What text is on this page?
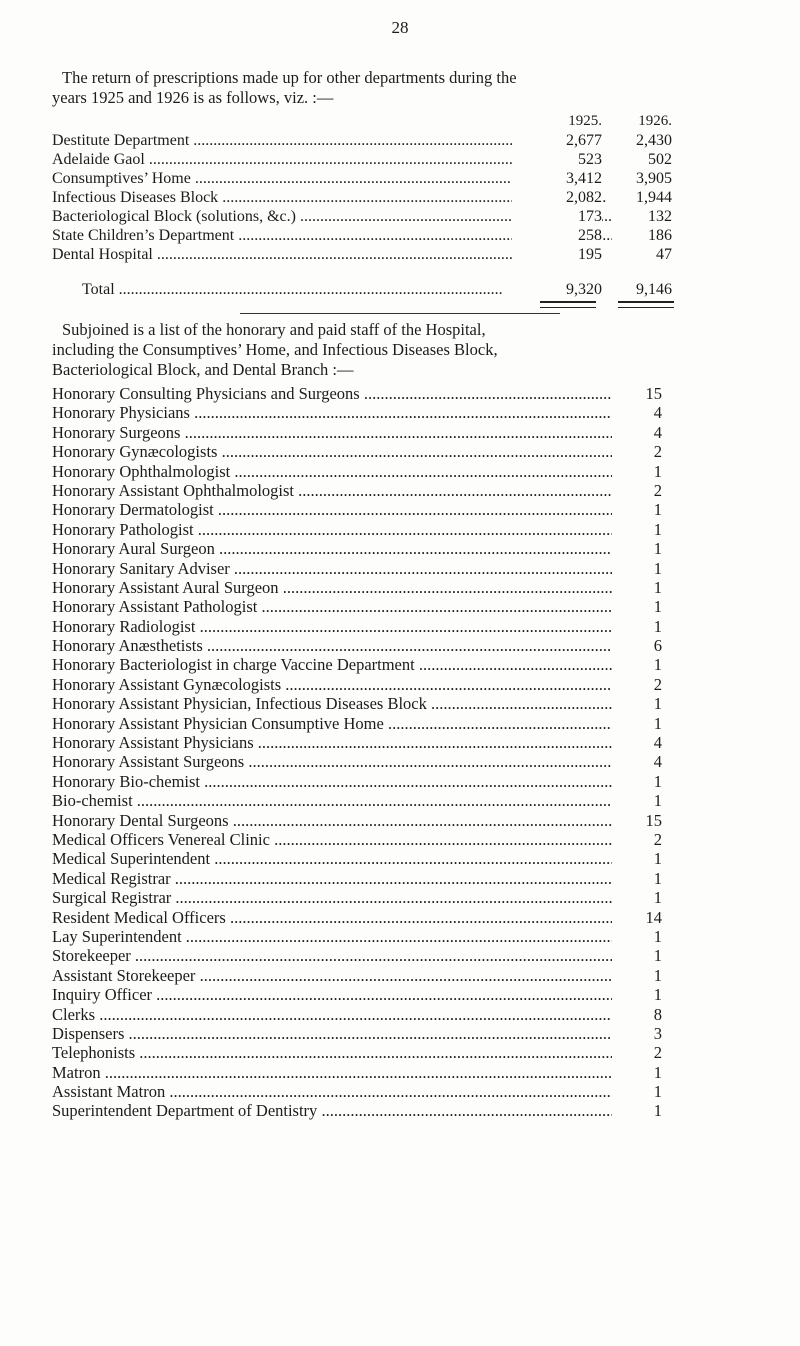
28

The return of prescriptions made up for other departments during the

years 1925 and 1926 is as follows, viz. :—

1925.	1926.
Destitute Department .....	2,677	2,430
Adelaide Gaol .....	523	502
Consumptives’ Home .....	3,412	3,905
Infectious Diseases Block .....	2,082	1,944
Bacteriological Block (solutions, &c.) .....	173	132
State Children’s Department .....	258	186
Dental Hospital .....	195	47
Total .....	9,320	9,146

Subjoined is a list of the honorary and paid staff of the Hospital,

including the Consumptives’ Home, and Infectious Diseases Block,

Bacteriological Block, and Dental Branch :—

Honorary Consulting Physicians and Surgeons .....	15
Honorary Physicians .....	4
Honorary Surgeons .....	4
Honorary Gynæcologists .....	2
Honorary Ophthalmologist .....	1
Honorary Assistant Ophthalmologist .....	2
Honorary Dermatologist .....	1
Honorary Pathologist .....	1
Honorary Aural Surgeon .....	1
Honorary Sanitary Adviser .....	1
Honorary Assistant Aural Surgeon .....	1
Honorary Assistant Pathologist .....	1
Honorary Radiologist .....	1
Honorary Anæsthetists .....	6
Honorary Bacteriologist in charge Vaccine Department .....	1
Honorary Assistant Gynæcologists .....	2
Honorary Assistant Physician, Infectious Diseases Block .....	1
Honorary Assistant Physician Consumptive Home .....	1
Honorary Assistant Physicians .....	4
Honorary Assistant Surgeons .....	4
Honorary Bio-chemist .....	1
Bio-chemist .....	1
Honorary Dental Surgeons .....	15
Medical Officers Venereal Clinic .....	2
Medical Superintendent .....	1
Medical Registrar .....	1
Surgical Registrar .....	1
Resident Medical Officers .....	14
Lay Superintendent .....	1
Storekeeper .....	1
Assistant Storekeeper .....	1
Inquiry Officer .....	1
Clerks .....	8
Dispensers .....	3
Telephonists .....	2
Matron .....	1
Assistant Matron .....	1
Superintendent Department of Dentistry .....	1
